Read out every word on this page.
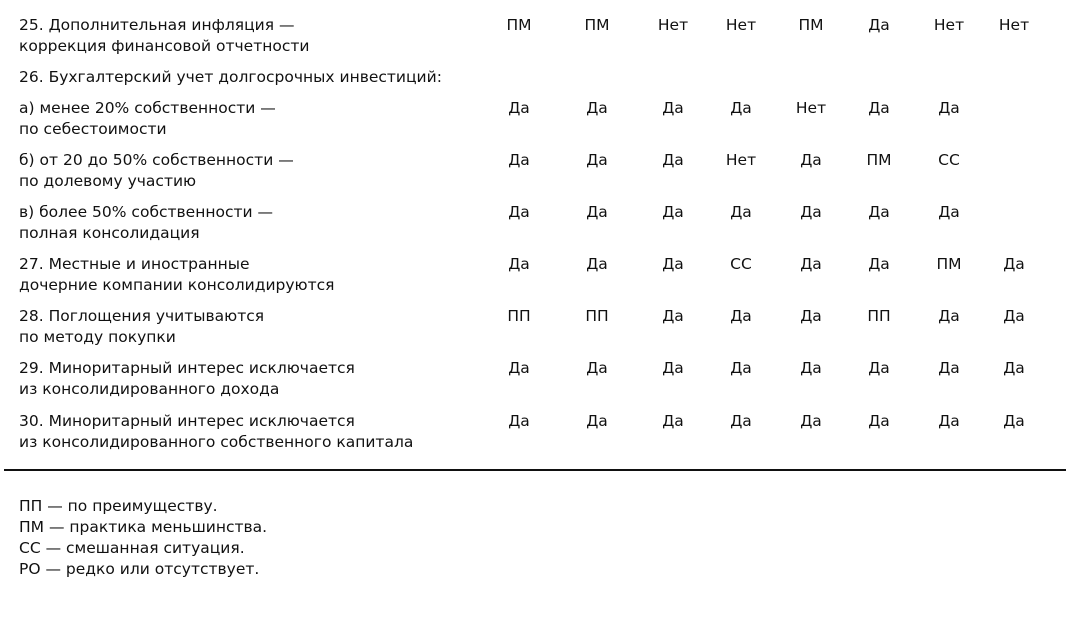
25. Дополнительная инфляция —
коррекция финансовой отчетности
ПМ	ПМ	Нет	Нет	ПМ	Да	Нет	Нет
26. Бухгалтерский учет долгосрочных инвестиций:
а) менее 20% собственности —
по себестоимости
Да	Да	Да	Да	Нет	Да	Да
б) от 20 до 50% собственности —
по долевому участию
Да	Да	Да	Нет	Да	ПМ	СС
в) более 50% собственности —
полная консолидация
Да	Да	Да	Да	Да	Да	Да
27. Местные и иностранные
дочерние компании консолидируются
Да	Да	Да	СС	Да	Да	ПМ	Да
28. Поглощения учитываются
по методу покупки
ПП	ПП	Да	Да	Да	ПП	Да	Да
29. Миноритарный интерес исключается
из консолидированного дохода
Да	Да	Да	Да	Да	Да	Да	Да
30. Миноритарный интерес исключается
из консолидированного собственного капитала
Да	Да	Да	Да	Да	Да	Да	Да
ПП — по преимуществу.
ПМ — практика меньшинства.
СС — смешанная ситуация.
РО — редко или отсутствует.
